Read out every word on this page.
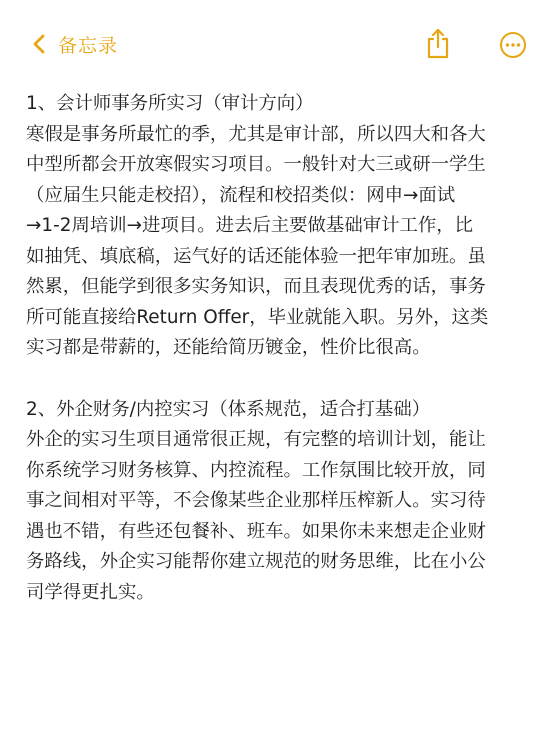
备忘录
1、会计师事务所实习（审计方向）
寒假是事务所最忙的季，尤其是审计部，所以四大和各大
中型所都会开放寒假实习项目。一般针对大三或研一学生
（应届生只能走校招），流程和校招类似：网申→面试
→1-2周培训→进项目。进去后主要做基础审计工作，比
如抽凭、填底稿，运气好的话还能体验一把年审加班。虽
然累，但能学到很多实务知识，而且表现优秀的话，事务
所可能直接给Return Offer，毕业就能入职。另外，这类
实习都是带薪的，还能给简历镀金，性价比很高。
2、外企财务/内控实习（体系规范，适合打基础）
外企的实习生项目通常很正规，有完整的培训计划，能让
你系统学习财务核算、内控流程。工作氛围比较开放，同
事之间相对平等，不会像某些企业那样压榨新人。实习待
遇也不错，有些还包餐补、班车。如果你未来想走企业财
务路线，外企实习能帮你建立规范的财务思维，比在小公
司学得更扎实。
